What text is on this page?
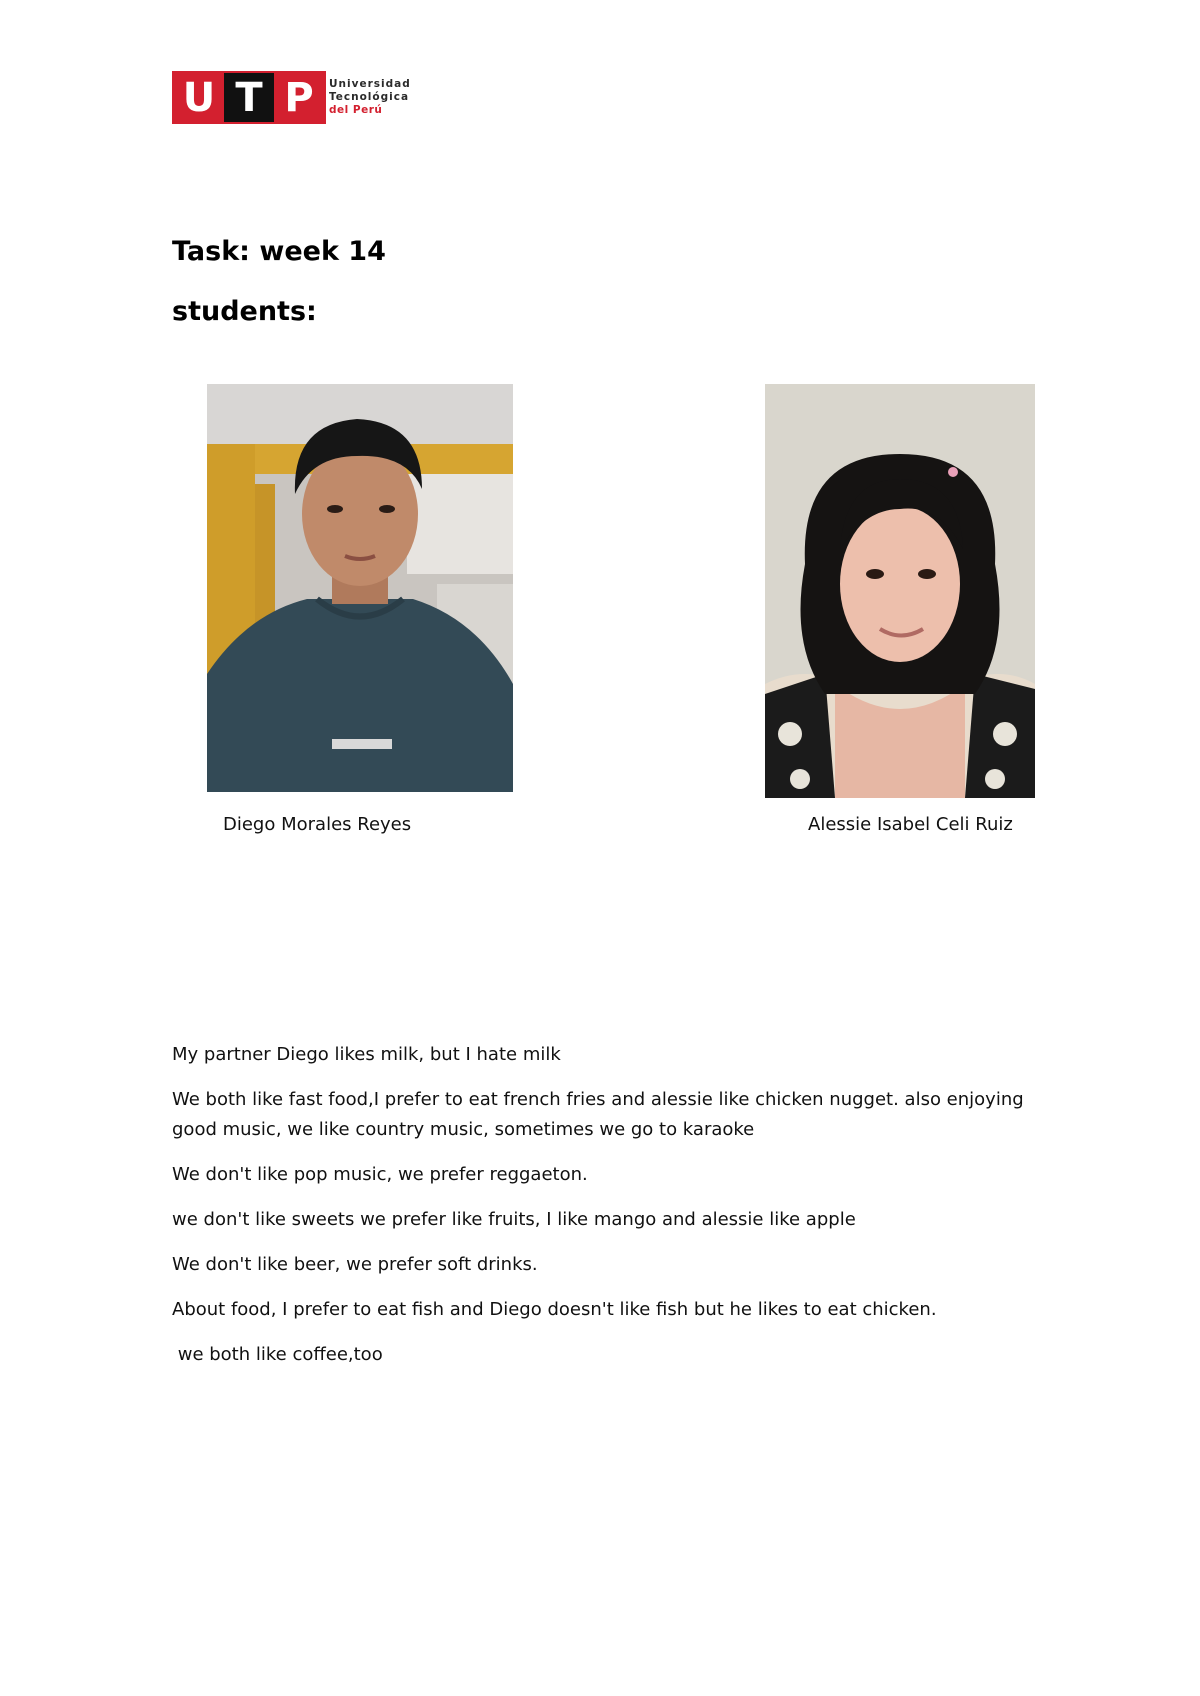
U T P	Universidad
Tecnológica
del Perú
Task: week 14
students:
Diego Morales Reyes	Alessie Isabel Celi Ruiz

My partner Diego likes milk, but I hate milk

We both like fast food,I prefer to eat french fries and alessie like chicken nugget. also enjoying good music, we like country music, sometimes we go to karaoke

We don't like pop music, we prefer reggaeton.

we don't like sweets we prefer like fruits, I like mango and alessie like apple

We don't like beer, we prefer soft drinks.

About food, I prefer to eat fish and Diego doesn't like fish but he likes to eat chicken.

we both like coffee,too
